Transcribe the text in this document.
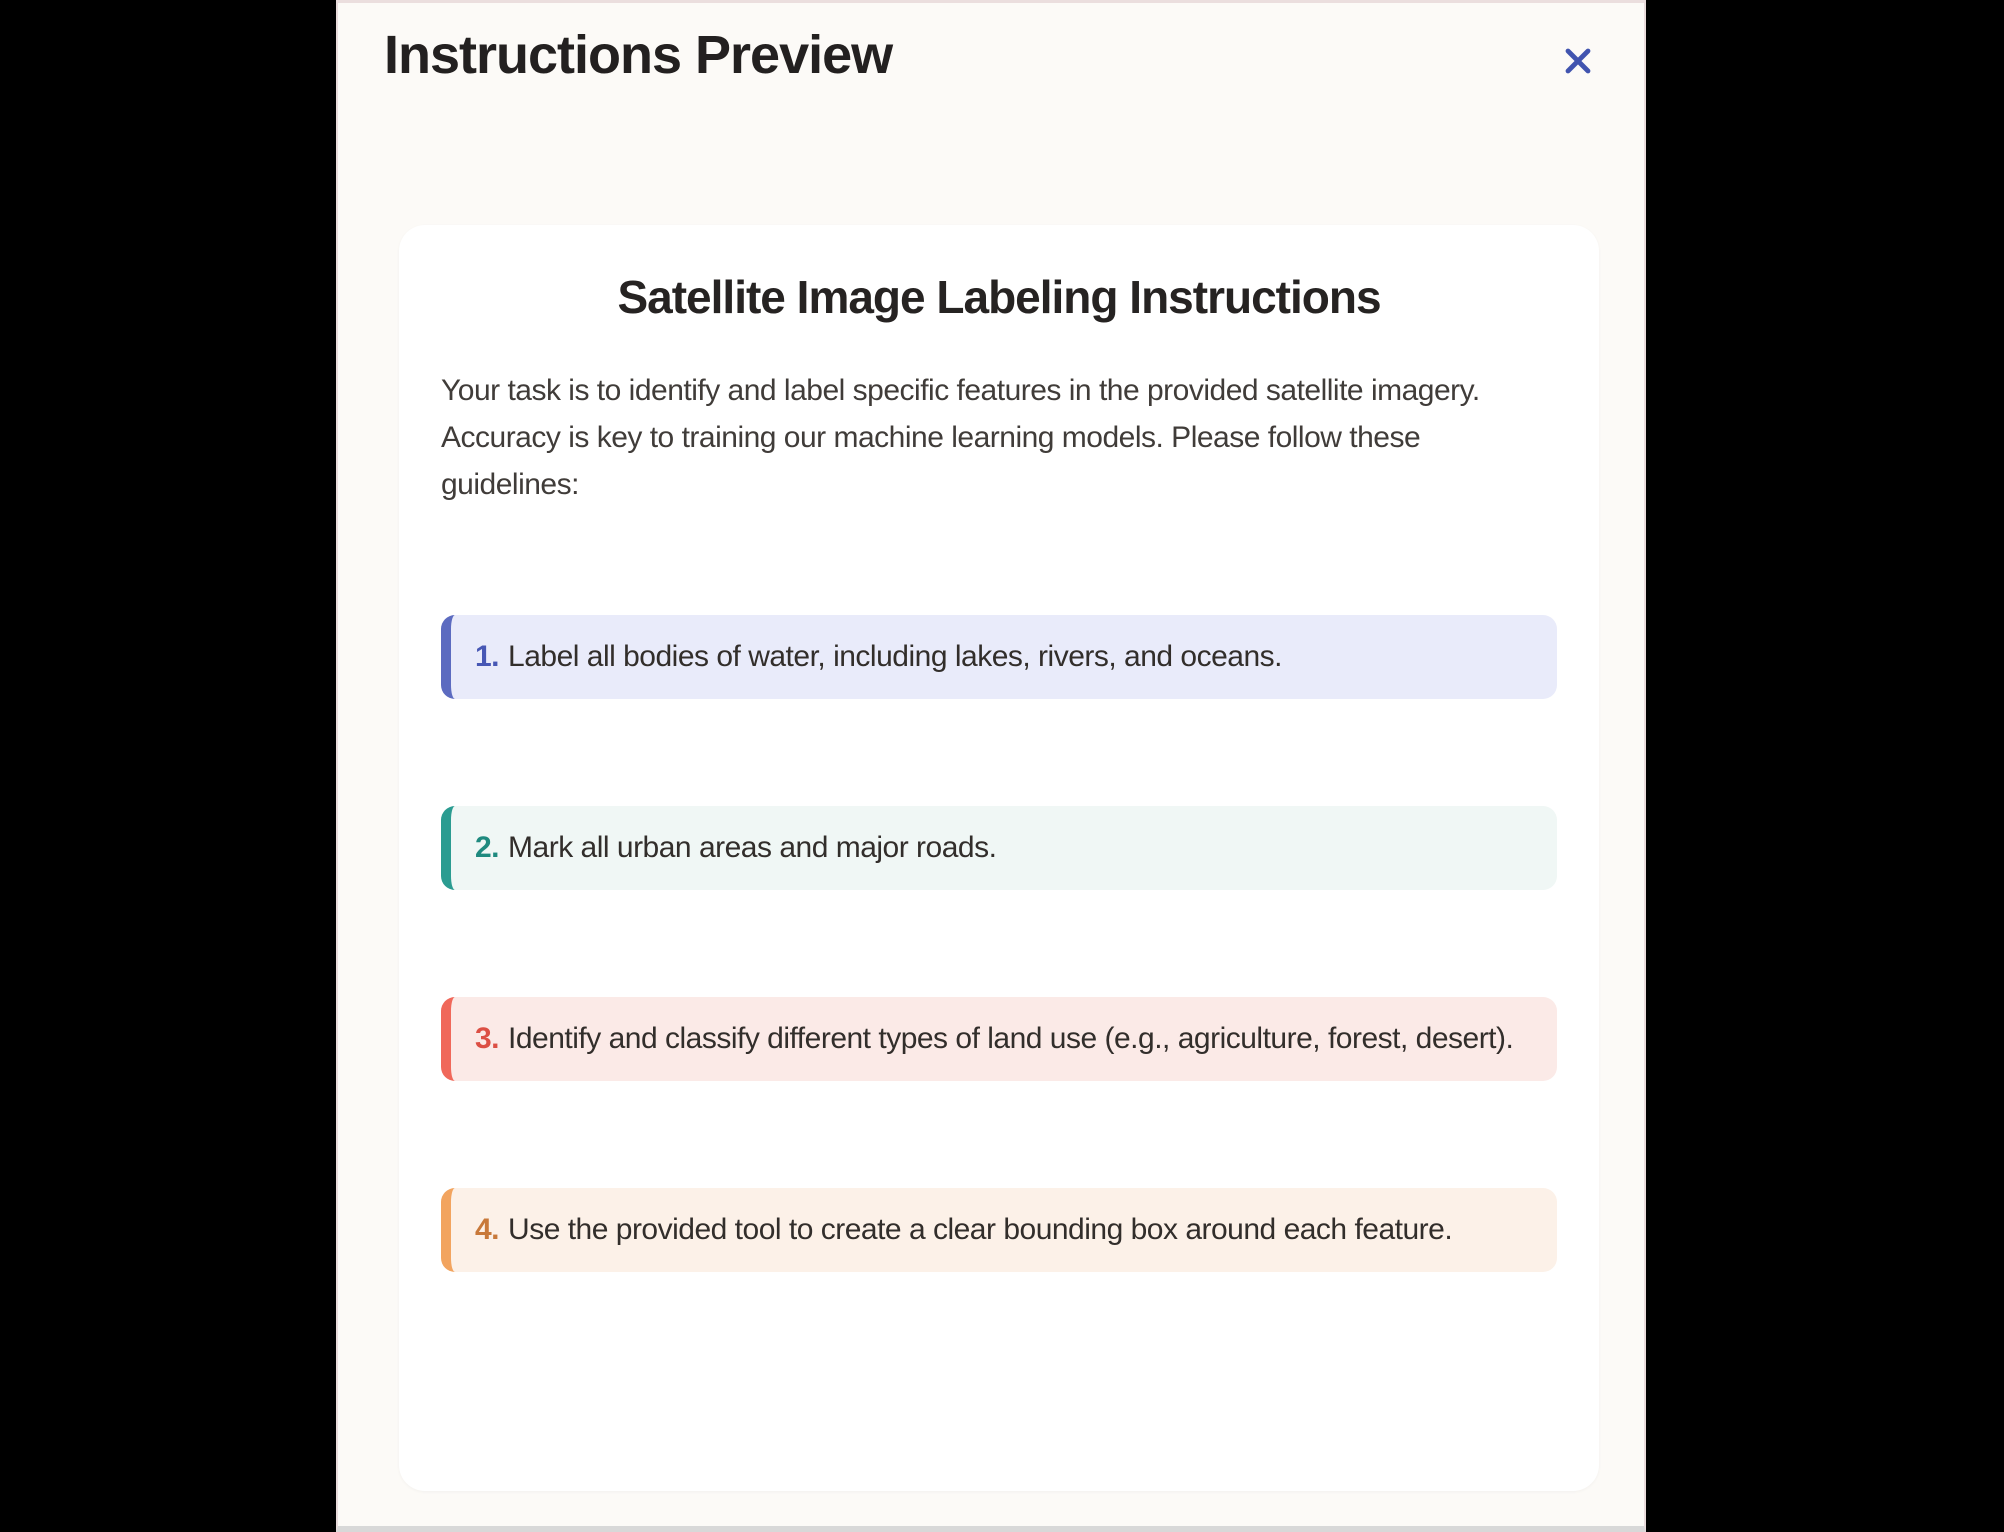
Instructions Preview
Satellite Image Labeling Instructions

Your task is to identify and label specific features in the provided satellite imagery. Accuracy is key to training our machine learning models. Please follow these guidelines:

1. Label all bodies of water, including lakes, rivers, and oceans.
2. Mark all urban areas and major roads.
3. Identify and classify different types of land use (e.g., agriculture, forest, desert).
4. Use the provided tool to create a clear bounding box around each feature.
